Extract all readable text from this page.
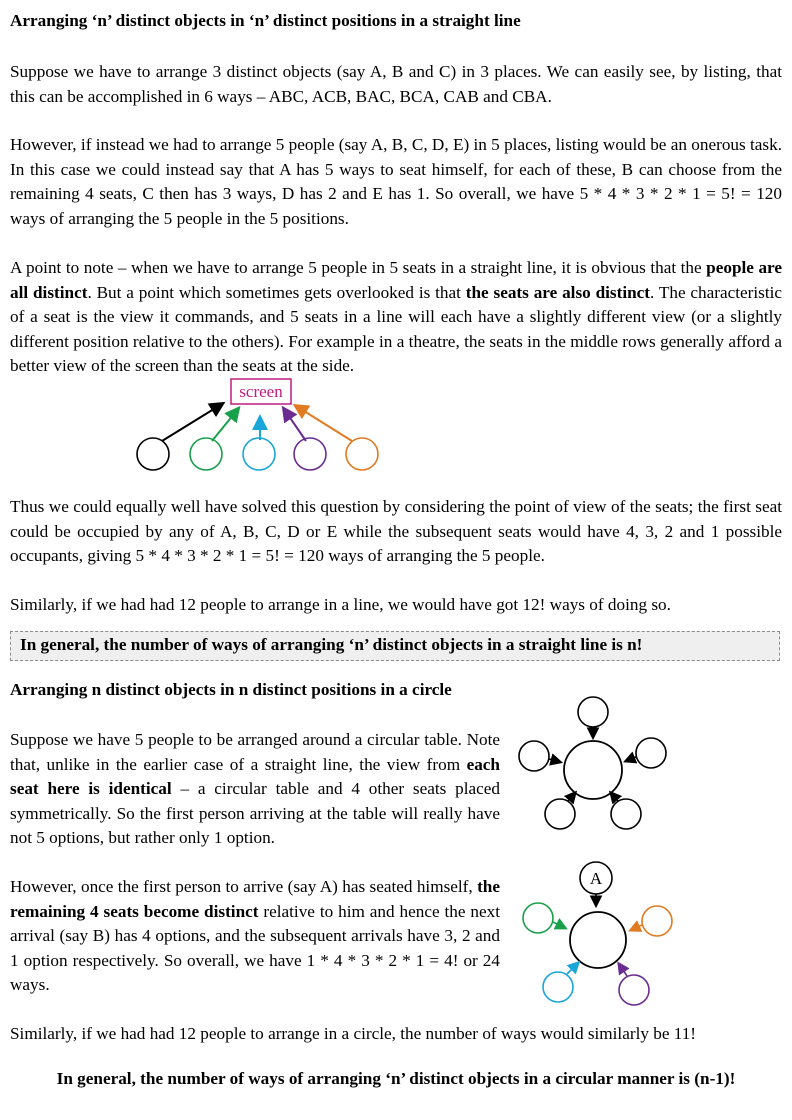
Arranging ‘n’ distinct objects in ‘n’ distinct positions in a straight line

Suppose we have to arrange 3 distinct objects (say A, B and C) in 3 places. We can easily see, by listing, that this can be accomplished in 6 ways – ABC, ACB, BAC, BCA, CAB and CBA.

However, if instead we had to arrange 5 people (say A, B, C, D, E) in 5 places, listing would be an onerous task. In this case we could instead say that A has 5 ways to seat himself, for each of these, B can choose from the remaining 4 seats, C then has 3 ways, D has 2 and E has 1. So overall, we have 5 * 4 * 3 * 2 * 1 = 5! = 120 ways of arranging the 5 people in the 5 positions.

A point to note – when we have to arrange 5 people in 5 seats in a straight line, it is obvious that the people are all distinct. But a point which sometimes gets overlooked is that the seats are also distinct. The characteristic of a seat is the view it commands, and 5 seats in a line will each have a slightly different view (or a slightly different position relative to the others). For example in a theatre, the seats in the middle rows generally afford a better view of the screen than the seats at the side.

screen

Thus we could equally well have solved this question by considering the point of view of the seats; the first seat could be occupied by any of A, B, C, D or E while the subsequent seats would have 4, 3, 2 and 1 possible occupants, giving 5 * 4 * 3 * 2 * 1 = 5! = 120 ways of arranging the 5 people.

Similarly, if we had had 12 people to arrange in a line, we would have got 12! ways of doing so.

In general, the number of ways of arranging ‘n’ distinct objects in a straight line is n!

Arranging n distinct objects in n distinct positions in a circle

Suppose we have 5 people to be arranged around a circular table. Note that, unlike in the earlier case of a straight line, the view from each seat here is identical – a circular table and 4 other seats placed symmetrically. So the first person arriving at the table will really have not 5 options, but rather only 1 option.

However, once the first person to arrive (say A) has seated himself, the remaining 4 seats become distinct relative to him and hence the next arrival (say B) has 4 options, and the subsequent arrivals have 3, 2 and 1 option respectively. So overall, we have 1 * 4 * 3 * 2 * 1 = 4! or 24 ways.

A

Similarly, if we had had 12 people to arrange in a circle, the number of ways would similarly be 11!

In general, the number of ways of arranging ‘n’ distinct objects in a circular manner is (n-1)!
